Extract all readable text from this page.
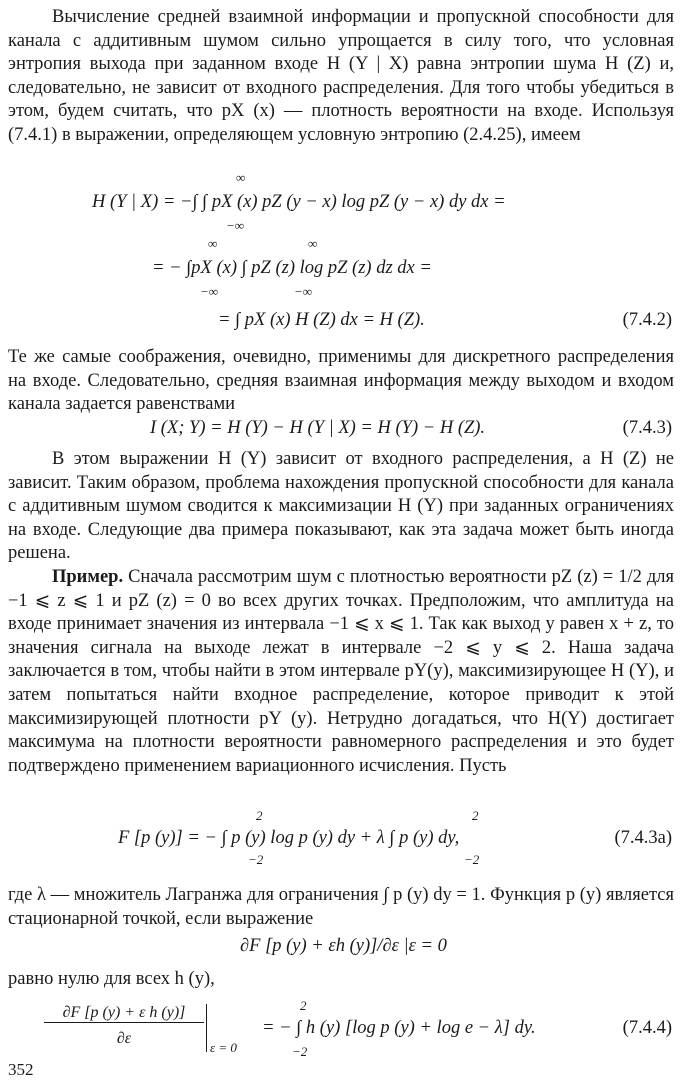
Вычисление средней взаимной информации и пропускной способности для канала с аддитивным шумом сильно упрощается в силу того, что условная энтропия выхода при заданном входе H (Y | X) равна энтропии шума H (Z) и, следовательно, не зависит от входного распределения. Для того чтобы убедиться в этом, будем считать, что pX (x) — плотность вероятности на входе. Используя (7.4.1) в выражении, определяющем условную энтропию (2.4.25), имеем

H (Y | X) = −∫ ∫ pX (x) pZ (y − x) log pZ (y − x) dy dx =
∞
−∞
∞	∞
= − ∫pX (x) ∫ pZ (z) log pZ (z) dz dx =
−∞	−∞
= ∫ pX (x) H (Z) dx = H (Z).	(7.4.2)

Те же самые соображения, очевидно, применимы для дискретного распределения на входе. Следовательно, средняя взаимная информация между выходом и входом канала задается равенствами

I (X; Y) = H (Y) − H (Y | X) = H (Y) − H (Z).	(7.4.3)

В этом выражении H (Y) зависит от входного распределения, а H (Z) не зависит. Таким образом, проблема нахождения пропускной способности для канала с аддитивным шумом сводится к максимизации H (Y) при заданных ограничениях на входе. Следующие два примера показывают, как эта задача может быть иногда решена.

Пример. Сначала рассмотрим шум с плотностью вероятности pZ (z) = 1/2 для −1 ⩽ z ⩽ 1 и pZ (z) = 0 во всех других точках. Предположим, что амплитуда на входе принимает значения из интервала −1 ⩽ x ⩽ 1. Так как выход y равен x + z, то значения сигнала на выходе лежат в интервале −2 ⩽ y ⩽ 2. Наша задача заключается в том, чтобы найти в этом интервале pY(y), максимизирующее H (Y), и затем попытаться найти входное распределение, которое приводит к этой максимизирующей плотности pY (y). Нетрудно догадаться, что H(Y) достигает максимума на плотности вероятности равномерного распределения и это будет подтверждено применением вариационного исчисления. Пусть

2	2
F [p (y)] = − ∫ p (y) log p (y) dy + λ ∫ p (y) dy,	(7.4.3a)
−2	−2

где λ — множитель Лагранжа для ограничения ∫ p (y) dy = 1. Функция p (y) является стационарной точкой, если выражение

∂F [p (y) + εh (y)]/∂ε |ε = 0

равно нулю для всех h (y),

∂F [p (y) + ε h (y)]
∂ε
ε = 0
2
= − ∫ h (y) [log p (y) + log e − λ] dy.
−2
(7.4.4)
352
